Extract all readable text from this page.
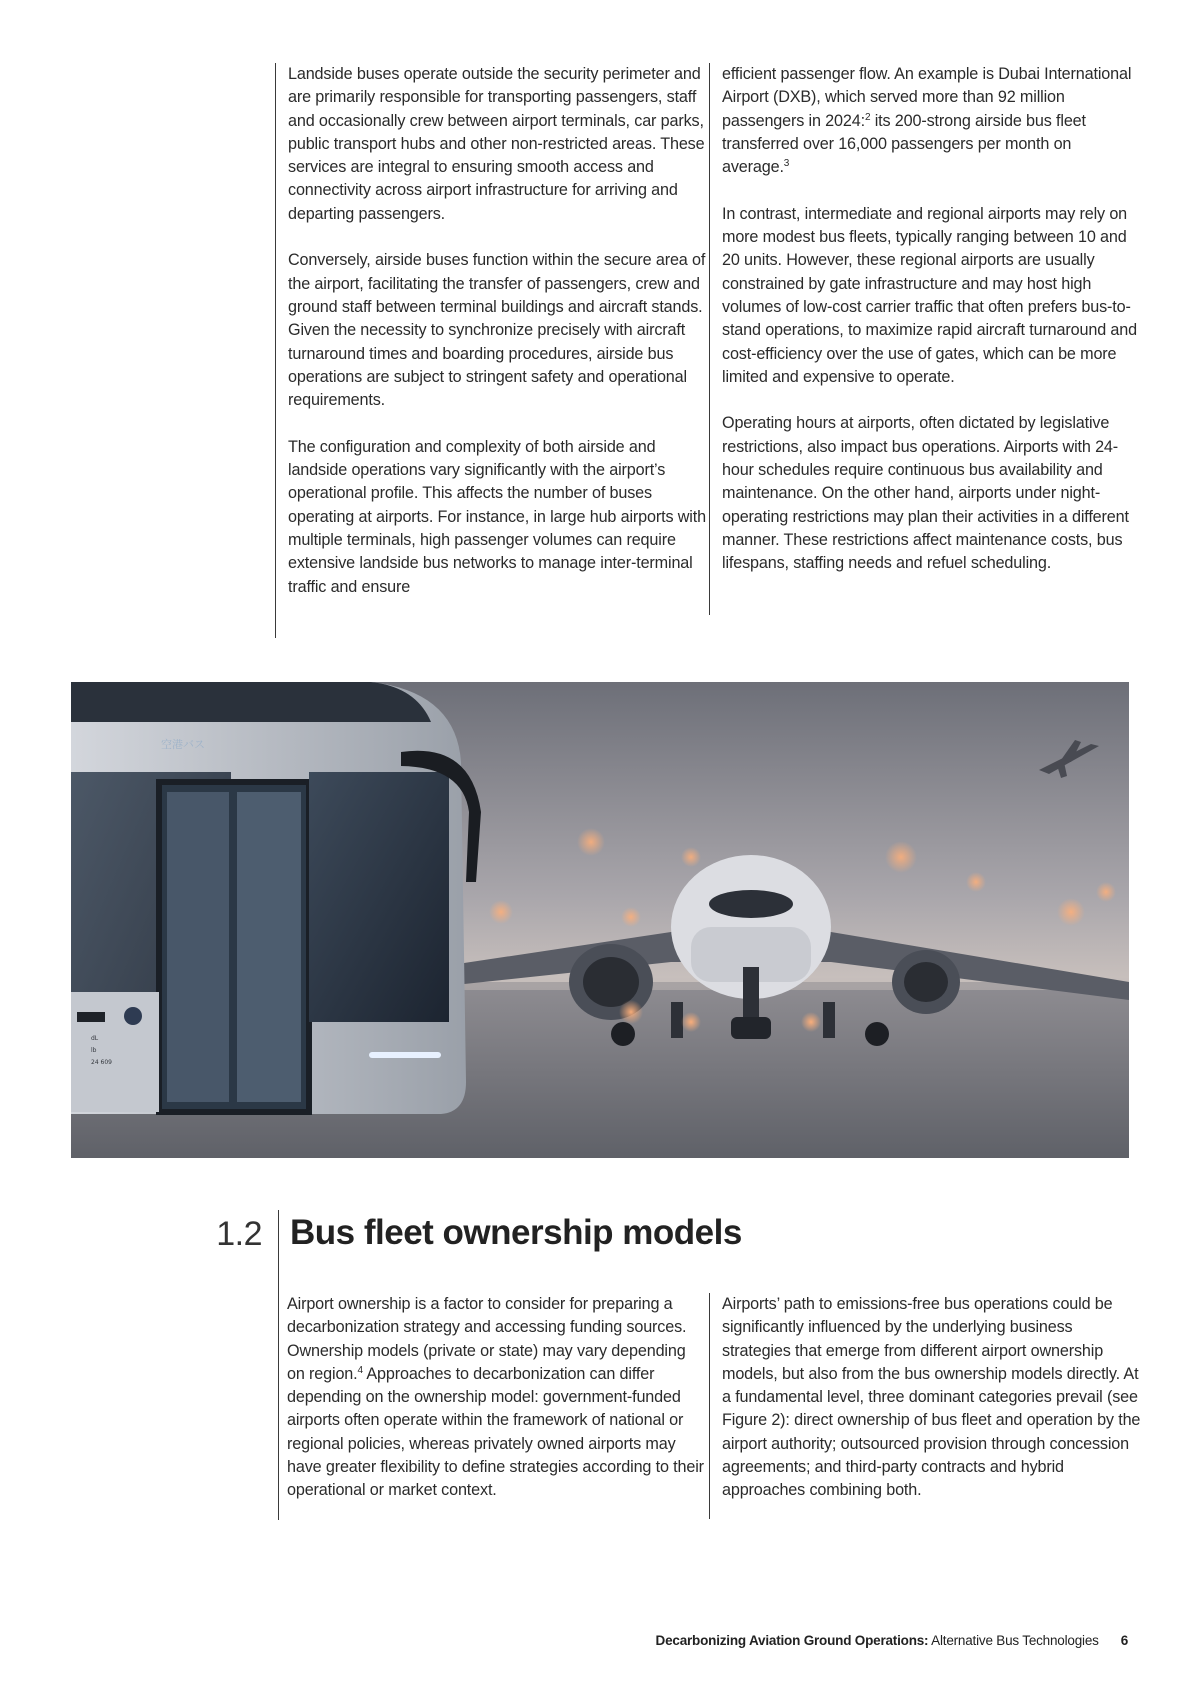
Landside buses operate outside the security perimeter and are primarily responsible for transporting passengers, staff and occasionally crew between airport terminals, car parks, public transport hubs and other non-restricted areas. These services are integral to ensuring smooth access and connectivity across airport infrastructure for arriving and departing passengers.

Conversely, airside buses function within the secure area of the airport, facilitating the transfer of passengers, crew and ground staff between terminal buildings and aircraft stands. Given the necessity to synchronize precisely with aircraft turnaround times and boarding procedures, airside bus operations are subject to stringent safety and operational requirements.

The configuration and complexity of both airside and landside operations vary significantly with the airport’s operational profile. This affects the number of buses operating at airports. For instance, in large hub airports with multiple terminals, high passenger volumes can require extensive landside bus networks to manage inter-terminal traffic and ensure

efficient passenger flow. An example is Dubai International Airport (DXB), which served more than 92 million passengers in 2024:$^2$ its 200-strong airside bus fleet transferred over 16,000 passengers per month on average.$^3$

In contrast, intermediate and regional airports may rely on more modest bus fleets, typically ranging between 10 and 20 units. However, these regional airports are usually constrained by gate infrastructure and may host high volumes of low-cost carrier traffic that often prefers bus-to-stand operations, to maximize rapid aircraft turnaround and cost-efficiency over the use of gates, which can be more limited and expensive to operate.

Operating hours at airports, often dictated by legislative restrictions, also impact bus operations. Airports with 24-hour schedules require continuous bus availability and maintenance. On the other hand, airports under night-operating restrictions may plan their activities in a different manner. These restrictions affect maintenance costs, bus lifespans, staffing needs and refuel scheduling.

空港バス
dL
lb
24 609
1.2 Bus fleet ownership models

Airport ownership is a factor to consider for preparing a decarbonization strategy and accessing funding sources. Ownership models (private or state) may vary depending on region.$^4$ Approaches to decarbonization can differ depending on the ownership model: government-funded airports often operate within the framework of national or regional policies, whereas privately owned airports may have greater flexibility to define strategies according to their operational or market context.

Airports’ path to emissions-free bus operations could be significantly influenced by the underlying business strategies that emerge from different airport ownership models, but also from the bus ownership models directly. At a fundamental level, three dominant categories prevail (see Figure 2): direct ownership of bus fleet and operation by the airport authority; outsourced provision through concession agreements; and third-party contracts and hybrid approaches combining both.

Decarbonizing Aviation Ground Operations: Alternative Bus Technologies 6
